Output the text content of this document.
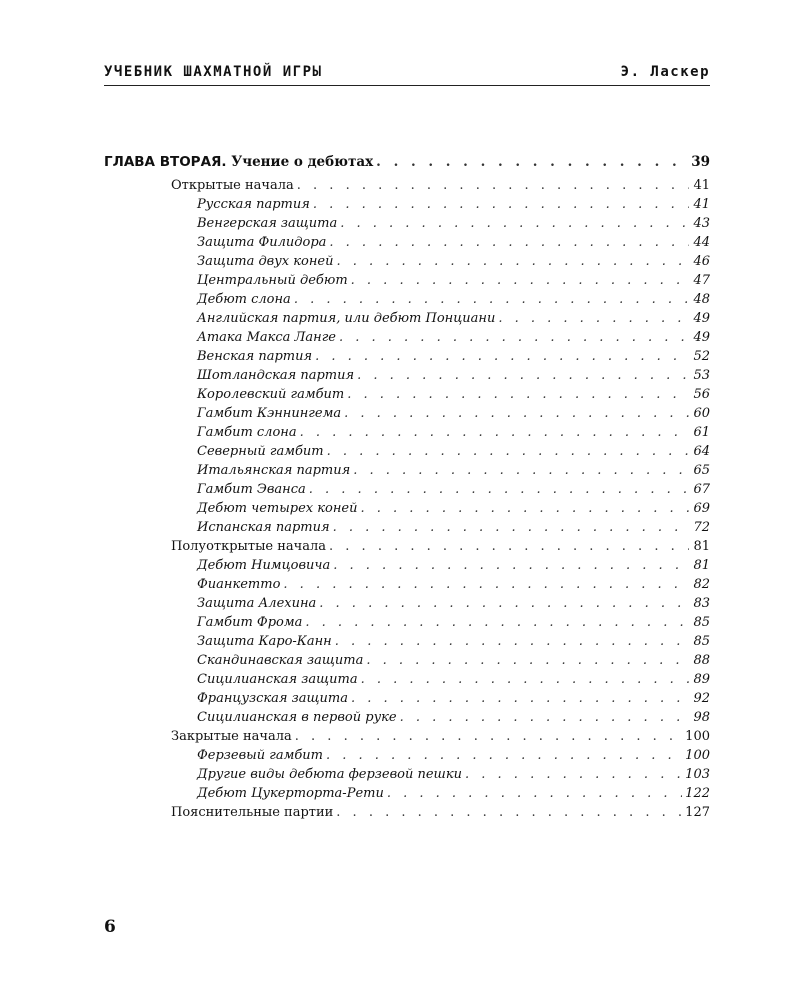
УЧЕБНИК ШАХМАТНОЙ ИГРЫ	Э. Ласкер
ГЛАВА ВТОРАЯ. Учение о дебютах . . .	39
Открытые начала . . .	41
Русская партия . . .	41
Венгерская защита . . .	43
Защита Филидора . . .	44
Защита двух коней . . .	46
Центральный дебют . . .	47
Дебют слона . . .	48
Английская партия, или дебют Понциани . . .	49
Атака Макса Ланге . . .	49
Венская партия . . .	52
Шотландская партия . . .	53
Королевский гамбит . . .	56
Гамбит Кэннингема . . .	60
Гамбит слона . . .	61
Северный гамбит . . .	64
Итальянская партия . . .	65
Гамбит Эванса . . .	67
Дебют четырех коней . . .	69
Испанская партия . . .	72
Полуоткрытые начала . . .	81
Дебют Нимцовича . . .	81
Фианкетто . . .	82
Защита Алехина . . .	83
Гамбит Фрома . . .	85
Защита Каро-Канн . . .	85
Скандинавская защита . . .	88
Сицилианская защита . . .	89
Французская защита . . .	92
Сицилианская в первой руке . . .	98
Закрытые начала . . .	100
Ферзевый гамбит . . .	100
Другие виды дебюта ферзевой пешки . . .	103
Дебют Цукерторта-Рети . . .	122
Пояснительные партии . . .	127
6
